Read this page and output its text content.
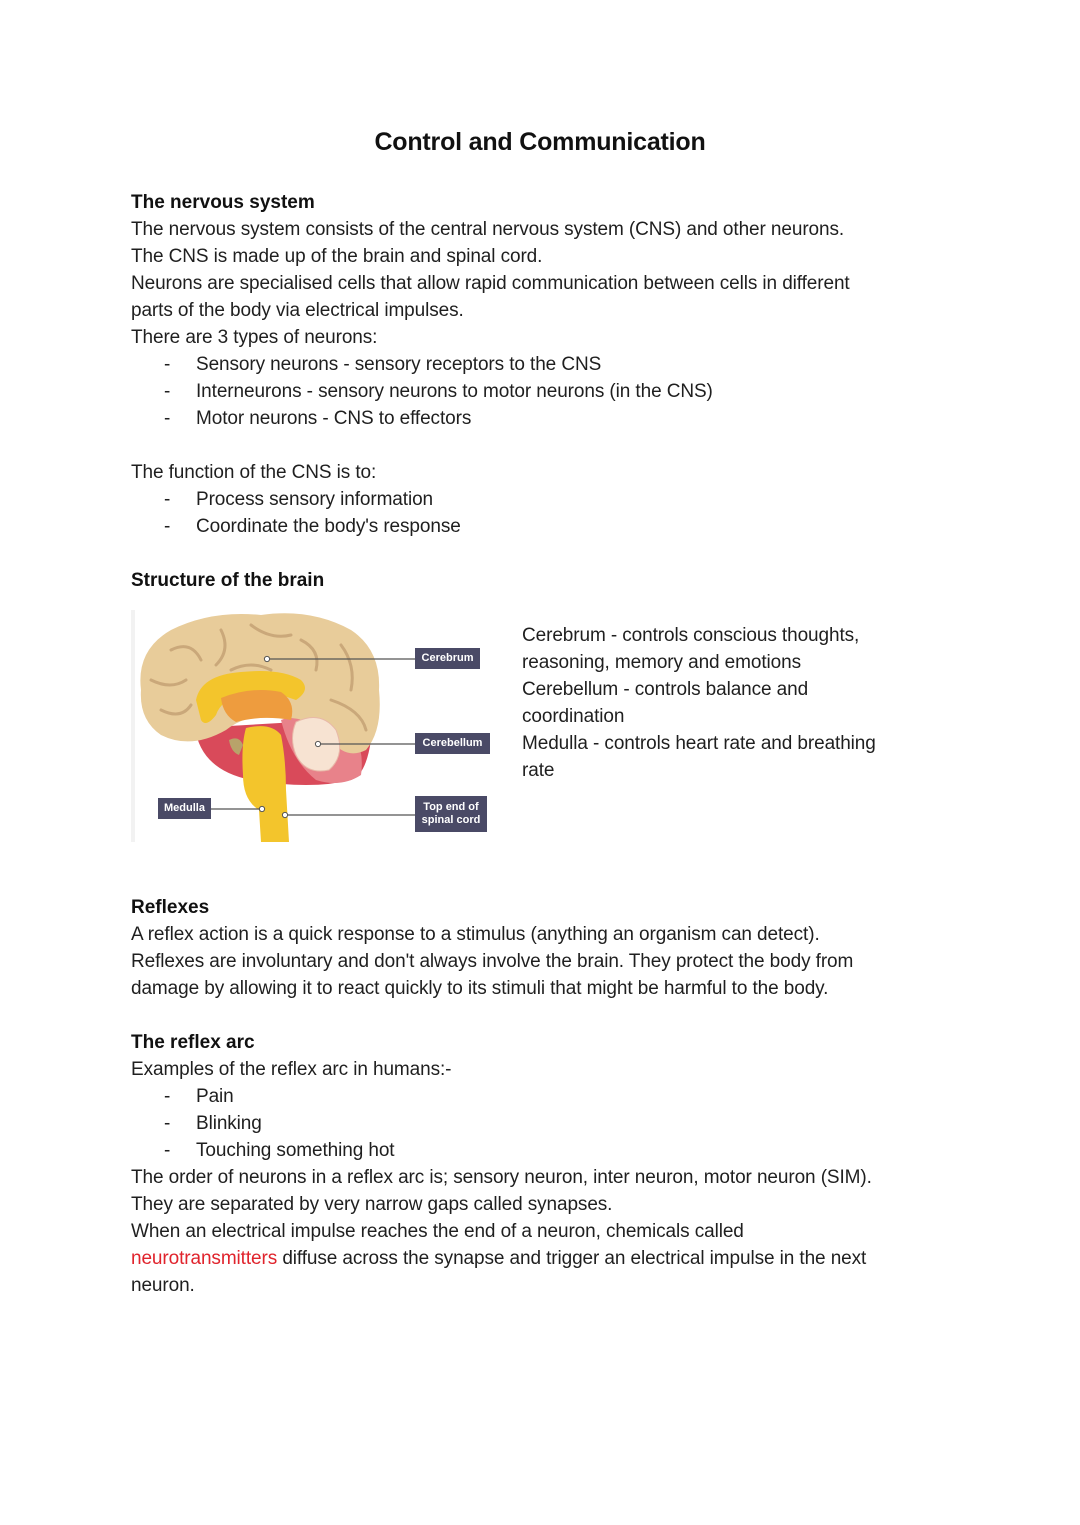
Control and Communication
The nervous system
The nervous system consists of the central nervous system (CNS) and other neurons.
The CNS is made up of the brain and spinal cord.
Neurons are specialised cells that allow rapid communication between cells in different
parts of the body via electrical impulses.
There are 3 types of neurons:
- Sensory neurons - sensory receptors to the CNS
- Interneurons - sensory neurons to motor neurons (in the CNS)
- Motor neurons - CNS to effectors
The function of the CNS is to:
- Process sensory information
- Coordinate the body's response
Structure of the brain
Cerebrum
Cerebellum
Medulla	Top end of
spinal cord
Cerebrum - controls conscious thoughts,
reasoning, memory and emotions
Cerebellum - controls balance and
coordination
Medulla - controls heart rate and breathing
rate
Reflexes
A reflex action is a quick response to a stimulus (anything an organism can detect).
Reflexes are involuntary and don't always involve the brain. They protect the body from
damage by allowing it to react quickly to its stimuli that might be harmful to the body.
The reflex arc
Examples of the reflex arc in humans:-
- Pain
- Blinking
- Touching something hot
The order of neurons in a reflex arc is; sensory neuron, inter neuron, motor neuron (SIM).
They are separated by very narrow gaps called synapses.
When an electrical impulse reaches the end of a neuron, chemicals called
neurotransmitters diffuse across the synapse and trigger an electrical impulse in the next
neuron.
